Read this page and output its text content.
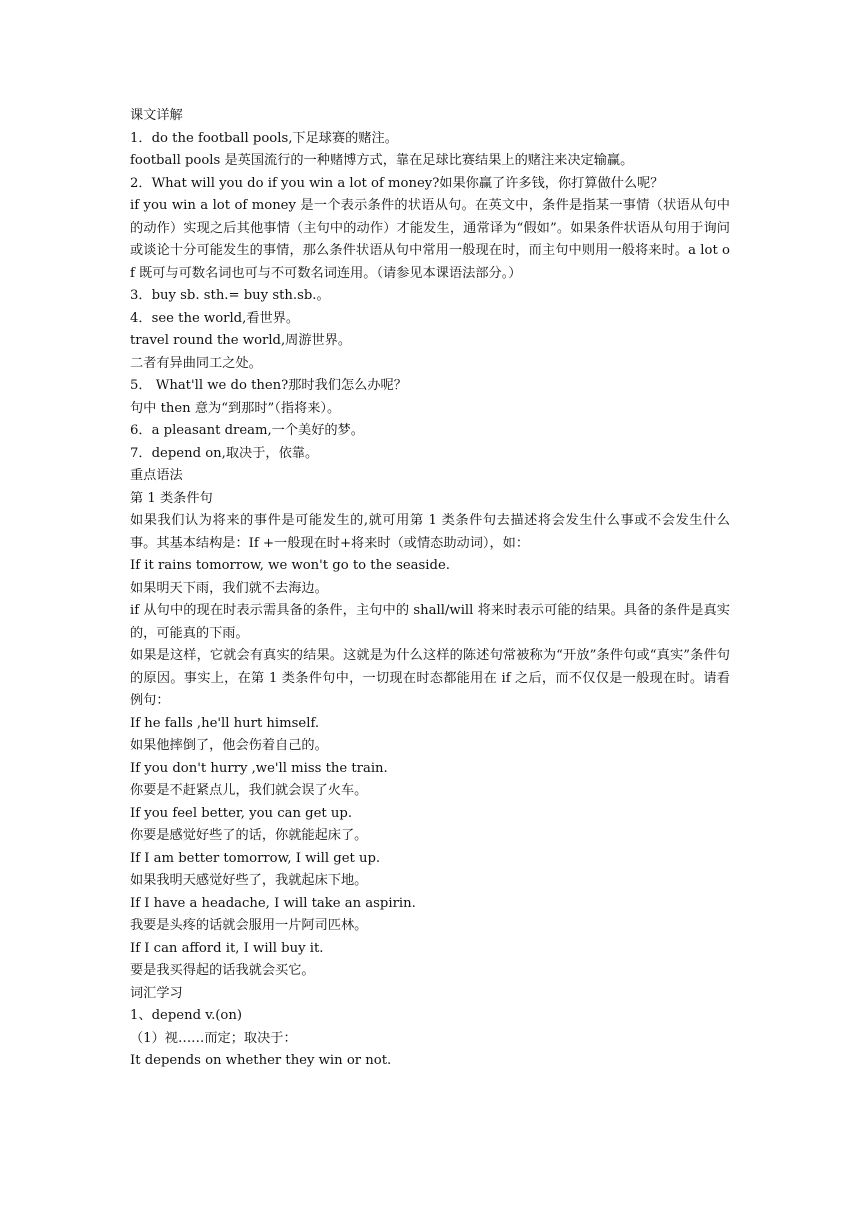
课文详解
1．do the football pools,下足球赛的赌注。
football pools 是英国流行的一种赌博方式，靠在足球比赛结果上的赌注来决定输赢。
2．What will you do if you win a lot of money?如果你赢了许多钱，你打算做什么呢？
if you win a lot of money 是一个表示条件的状语从句。在英文中，条件是指某一事情（状语从句中的动作）实现之后其他事情（主句中的动作）才能发生，通常译为“假如”。如果条件状语从句用于询问或谈论十分可能发生的事情，那么条件状语从句中常用一般现在时，而主句中则用一般将来时。a lot of 既可与可数名词也可与不可数名词连用。（请参见本课语法部分。）
3．buy sb. sth.= buy sth.sb.。
4．see the world,看世界。
travel round the world,周游世界。
二者有异曲同工之处。
5． What'll we do then?那时我们怎么办呢？
句中 then 意为“到那时”（指将来）。
6．a pleasant dream,一个美好的梦。
7．depend on,取决于，依靠。
重点语法
第 1 类条件句
如果我们认为将来的事件是可能发生的,就可用第 1 类条件句去描述将会发生什么事或不会发生什么事。其基本结构是：If +一般现在时+将来时（或情态助动词），如：
If it rains tomorrow, we won't go to the seaside.
如果明天下雨，我们就不去海边。
if 从句中的现在时表示需具备的条件，主句中的 shall/will 将来时表示可能的结果。具备的条件是真实的，可能真的下雨。
如果是这样，它就会有真实的结果。这就是为什么这样的陈述句常被称为“开放”条件句或“真实”条件句的原因。事实上，在第 1 类条件句中，一切现在时态都能用在 if 之后，而不仅仅是一般现在时。请看例句：
If he falls ,he'll hurt himself.
如果他摔倒了，他会伤着自己的。
If you don't hurry ,we'll miss the train.
你要是不赶紧点儿，我们就会误了火车。
If you feel better, you can get up.
你要是感觉好些了的话，你就能起床了。
If I am better tomorrow, I will get up.
如果我明天感觉好些了，我就起床下地。
If I have a headache, I will take an aspirin.
我要是头疼的话就会服用一片阿司匹林。
If I can afford it, I will buy it.
要是我买得起的话我就会买它。
词汇学习
1、depend v.(on)
（1）视……而定；取决于：
It depends on whether they win or not.
